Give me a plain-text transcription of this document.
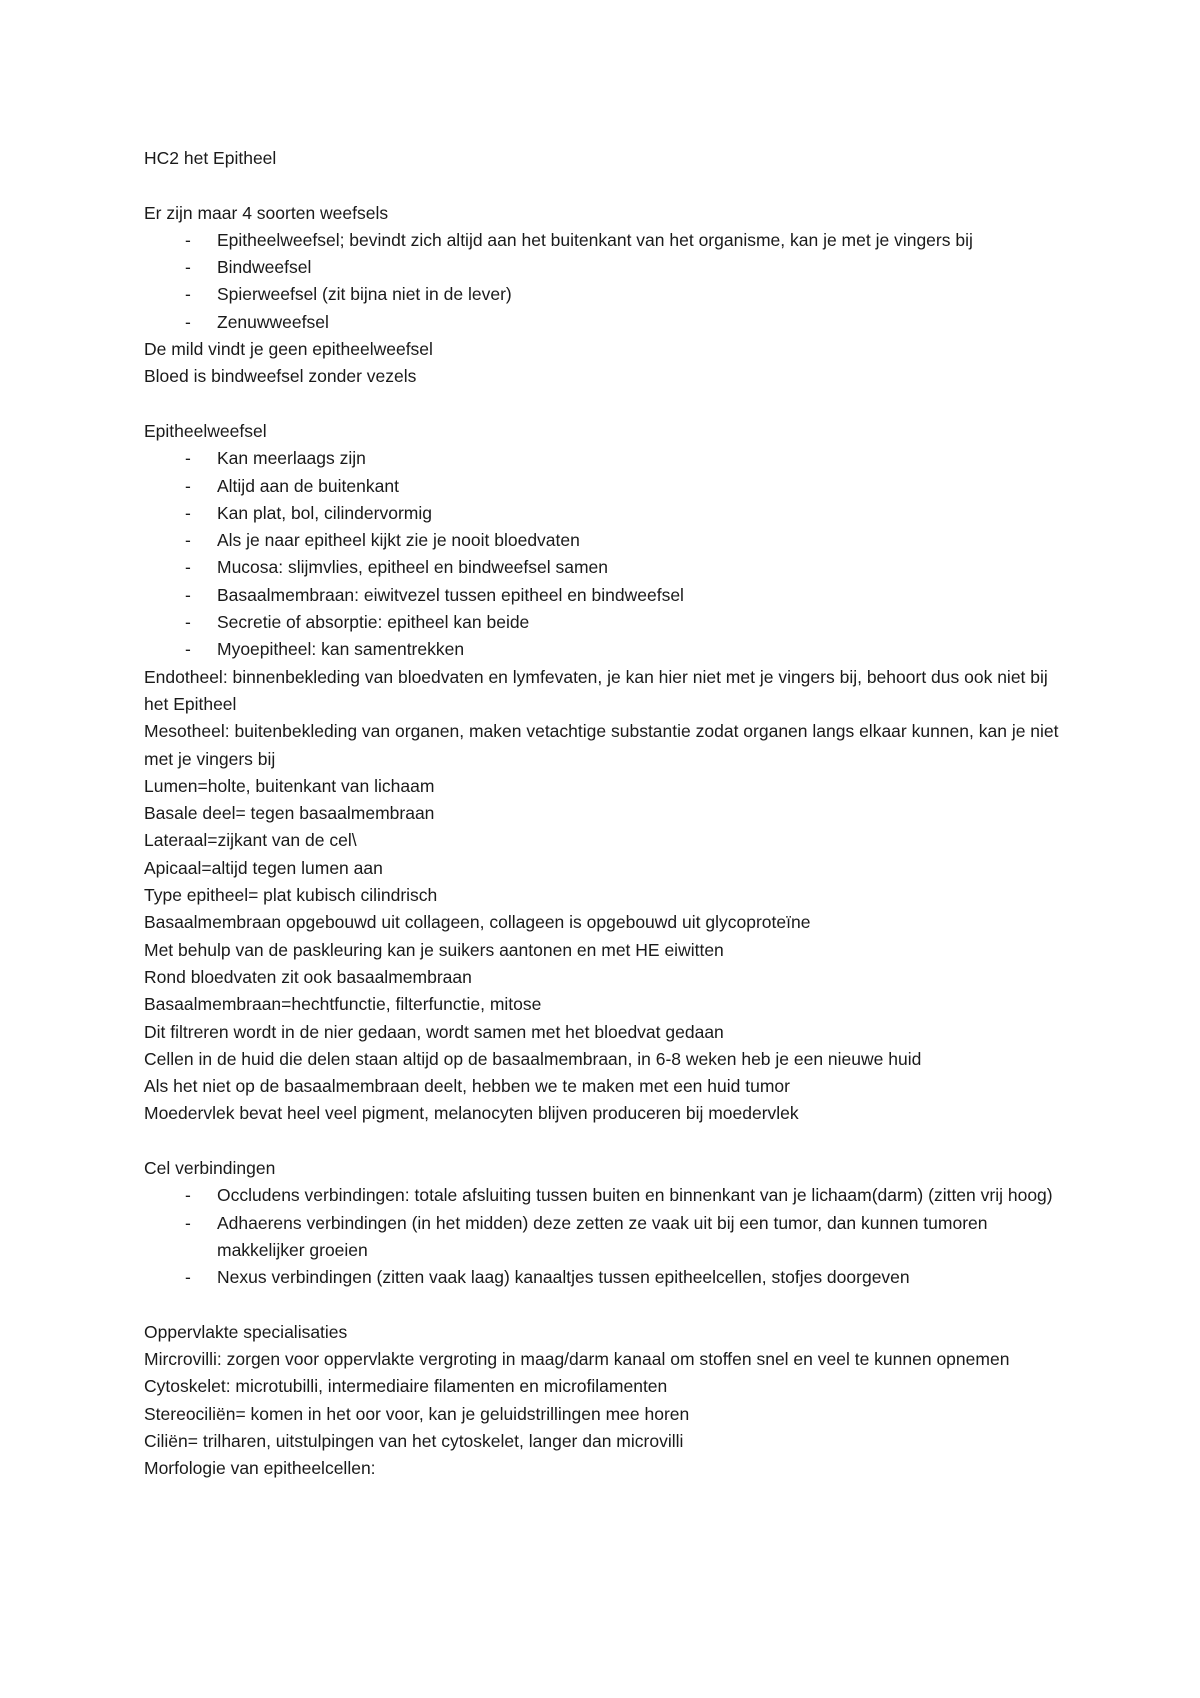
HC2 het Epitheel

Er zijn maar 4 soorten weefsels

- Epitheelweefsel; bevindt zich altijd aan het buitenkant van het organisme, kan je met je vingers bij
- Bindweefsel
- Spierweefsel (zit bijna niet in de lever)
- Zenuwweefsel

De mild vindt je geen epitheelweefsel

Bloed is bindweefsel zonder vezels

Epitheelweefsel

- Kan meerlaags zijn
- Altijd aan de buitenkant
- Kan plat, bol, cilindervormig
- Als je naar epitheel kijkt zie je nooit bloedvaten
- Mucosa: slijmvlies, epitheel en bindweefsel samen
- Basaalmembraan: eiwitvezel tussen epitheel en bindweefsel
- Secretie of absorptie: epitheel kan beide
- Myoepitheel: kan samentrekken

Endotheel: binnenbekleding van bloedvaten en lymfevaten, je kan hier niet met je vingers bij, behoort dus ook niet bij het Epitheel

Mesotheel: buitenbekleding van organen, maken vetachtige substantie zodat organen langs elkaar kunnen, kan je niet met je vingers bij

Lumen=holte, buitenkant van lichaam

Basale deel= tegen basaalmembraan

Lateraal=zijkant van de cel\

Apicaal=altijd tegen lumen aan

Type epitheel= plat kubisch cilindrisch

Basaalmembraan opgebouwd uit collageen, collageen is opgebouwd uit glycoproteïne

Met behulp van de paskleuring kan je suikers aantonen en met HE eiwitten

Rond bloedvaten zit ook basaalmembraan

Basaalmembraan=hechtfunctie, filterfunctie, mitose

Dit filtreren wordt in de nier gedaan, wordt samen met het bloedvat gedaan

Cellen in de huid die delen staan altijd op de basaalmembraan, in 6-8 weken heb je een nieuwe huid

Als het niet op de basaalmembraan deelt, hebben we te maken met een huid tumor

Moedervlek bevat heel veel pigment, melanocyten blijven produceren bij moedervlek

Cel verbindingen

- Occludens verbindingen: totale afsluiting tussen buiten en binnenkant van je lichaam(darm) (zitten vrij hoog)
- Adhaerens verbindingen (in het midden) deze zetten ze vaak uit bij een tumor, dan kunnen tumoren makkelijker groeien
- Nexus verbindingen (zitten vaak laag) kanaaltjes tussen epitheelcellen, stofjes doorgeven

Oppervlakte specialisaties

Mircrovilli: zorgen voor oppervlakte vergroting in maag/darm kanaal om stoffen snel en veel te kunnen opnemen

Cytoskelet: microtubilli, intermediaire filamenten en microfilamenten

Stereociliën= komen in het oor voor, kan je geluidstrillingen mee horen

Ciliën= trilharen, uitstulpingen van het cytoskelet, langer dan microvilli

Morfologie van epitheelcellen:
